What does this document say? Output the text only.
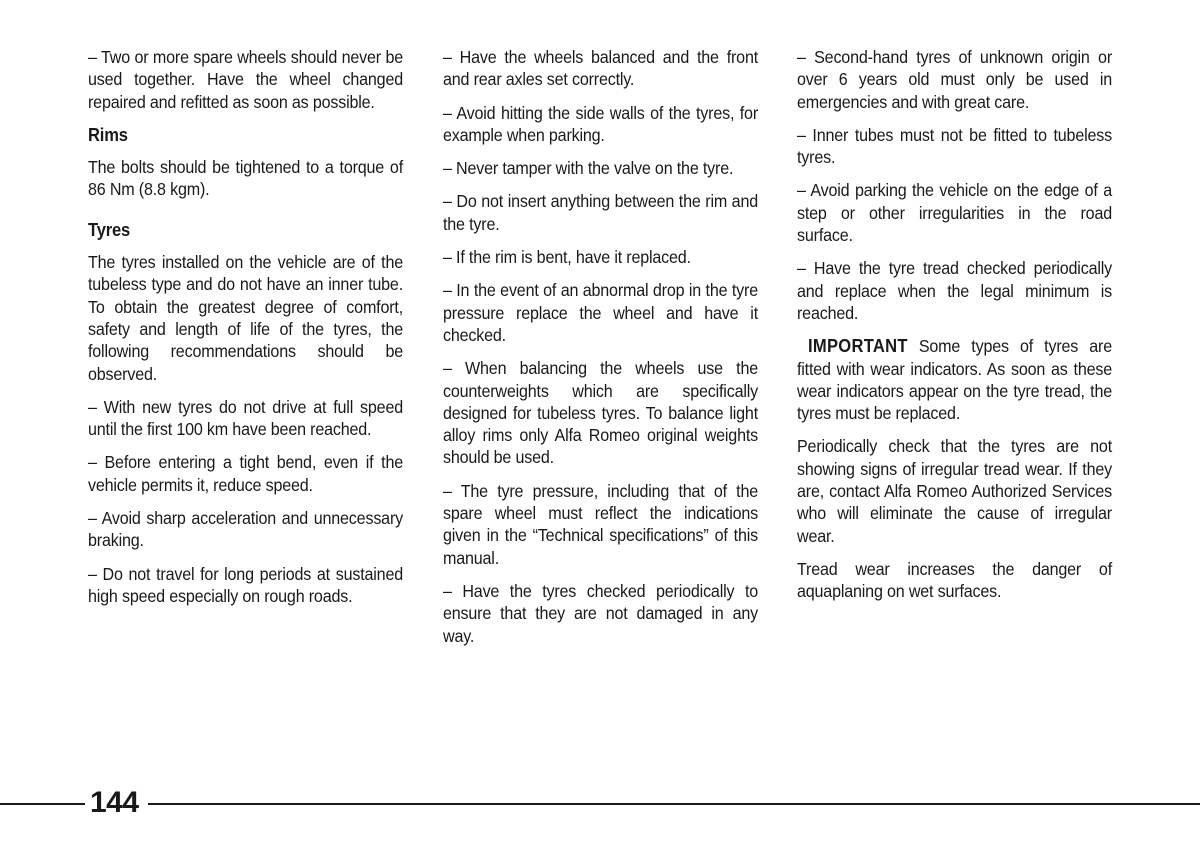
– Two or more spare wheels should never be used together. Have the wheel changed repaired and refitted as soon as possible.

Rims

The bolts should be tightened to a torque of 86 Nm (8.8 kgm).

Tyres

The tyres installed on the vehicle are of the tubeless type and do not have an inner tube. To obtain the greatest degree of comfort, safety and length of life of the tyres, the following recommendations should be observed.

– With new tyres do not drive at full speed until the first 100 km have been reached.

– Before entering a tight bend, even if the vehicle permits it, reduce speed.

– Avoid sharp acceleration and unnecessary braking.

– Do not travel for long periods at sustained high speed especially on rough roads.

– Have the wheels balanced and the front and rear axles set correctly.

– Avoid hitting the side walls of the tyres, for example when parking.

– Never tamper with the valve on the tyre.

– Do not insert anything between the rim and the tyre.

– If the rim is bent, have it replaced.

– In the event of an abnormal drop in the tyre pressure replace the wheel and have it checked.

– When balancing the wheels use the counterweights which are specifically designed for tubeless tyres. To balance light alloy rims only Alfa Romeo original weights should be used.

– The tyre pressure, including that of the spare wheel must reflect the indications given in the “Technical specifications” of this manual.

– Have the tyres checked periodically to ensure that they are not damaged in any way.

– Second-hand tyres of unknown origin or over 6 years old must only be used in emergencies and with great care.

– Inner tubes must not be fitted to tubeless tyres.

– Avoid parking the vehicle on the edge of a step or other irregularities in the road surface.

– Have the tyre tread checked periodically and replace when the legal minimum is reached.

IMPORTANT Some types of tyres are fitted with wear indicators. As soon as these wear indicators appear on the tyre tread, the tyres must be replaced.

Periodically check that the tyres are not showing signs of irregular tread wear. If they are, contact Alfa Romeo Authorized Services who will eliminate the cause of irregular wear.

Tread wear increases the danger of aquaplaning on wet surfaces.

144
